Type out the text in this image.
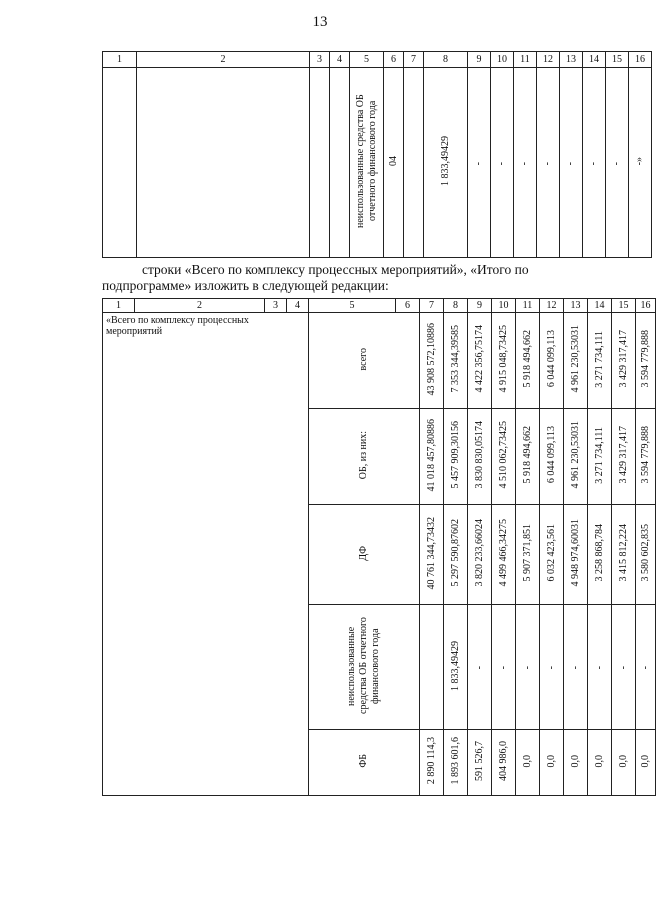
13
1	2	3	4	5	6	7	8	9	10	11	12	13	14	15	16
				неиспользованные средства ОБ отчетного финансового года	04		1 833,49429	-	-	-	-	-	-	-	-»
строки «Всего по комплексу процессных мероприятий», «Итого по
подпрограмме» изложить в следующей редакции:
1	2	3	4	5	6	7	8	9	10	11	12	13	14	15	16
«Всего по комплексу процессных мероприятий				всего		43 908 572,10886	7 353 344,39585	4 422 356,75174	4 915 048,73425	5 918 494,662	6 044 099,113	4 961 230,53031	3 271 734,111	3 429 317,417	3 594 779,888
				ОБ, из них:		41 018 457,80886	5 457 909,30156	3 830 830,05174	4 510 062,73425	5 918 494,662	6 044 099,113	4 961 230,53031	3 271 734,111	3 429 317,417	3 594 779,888
				ДФ		40 761 344,73432	5 297 590,87602	3 820 233,66024	4 499 466,34275	5 907 371,851	6 032 423,561	4 948 974,60031	3 258 868,784	3 415 812,224	3 580 602,835
				неиспользованные средства ОБ отчетного финансового года			1 833,49429	-	-	-	-	-	-	-	-
				ФБ		2 890 114,3	1 893 601,6	591 526,7	404 986,0	0,0	0,0	0,0	0,0	0,0	0,0
